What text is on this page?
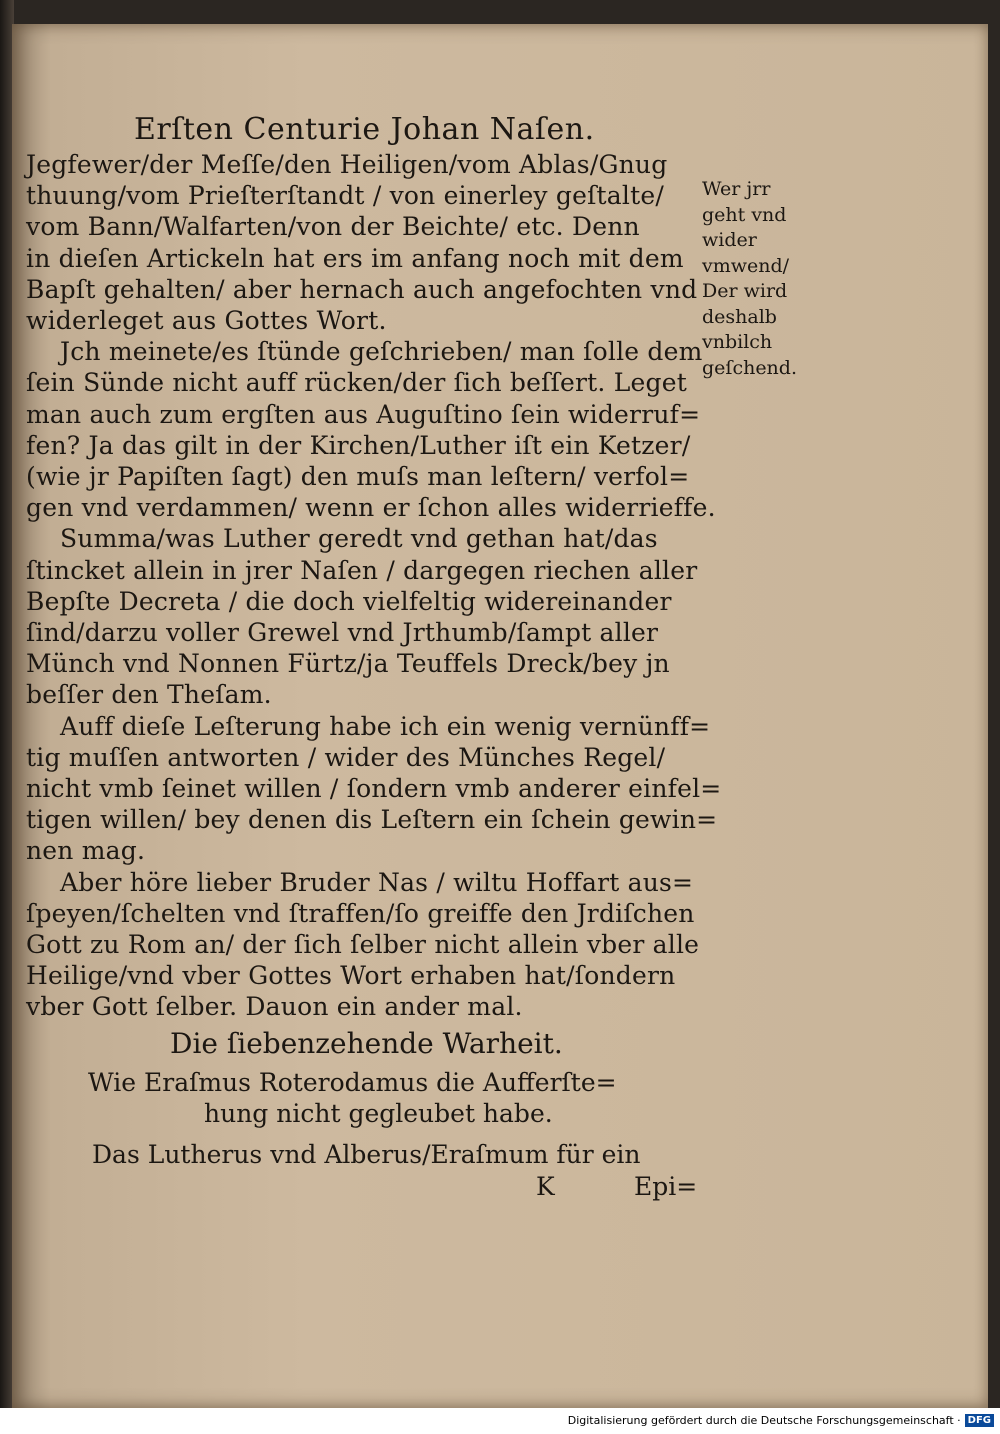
Erſten Centurie Johan Naſen.
Jegfewer/der Meſſe/den Heiligen/vom Ablas/Gnug
thuung/vom Prieſterſtandt / von einerley geſtalte/
vom Bann/Walfarten/von der Beichte/ etc. Denn
in dieſen Artickeln hat ers im anfang noch mit dem
Bapſt gehalten/ aber hernach auch angefochten vnd
widerleget aus Gottes Wort.
Jch meinete/es ſtünde geſchrieben/ man ſolle dem
ſein Sünde nicht auff rücken/der ſich beſſert. Leget
man auch zum ergſten aus Auguſtino ſein widerruf=
fen? Ja das gilt in der Kirchen/Luther iſt ein Ketzer/
(wie jr Papiſten ſagt) den muſs man leſtern/ verfol=
gen vnd verdammen/ wenn er ſchon alles widerrieffe.
Summa/was Luther geredt vnd gethan hat/das
ſtincket allein in jrer Naſen / dargegen riechen aller
Bepſte Decreta / die doch vielfeltig widereinander
ſind/darzu voller Grewel vnd Jrthumb/ſampt aller
Münch vnd Nonnen Fürtz/ja Teuffels Dreck/bey jn
beſſer den Theſam.
Auff dieſe Leſterung habe ich ein wenig vernünff=
tig muſſen antworten / wider des Münches Regel/
nicht vmb ſeinet willen / ſondern vmb anderer einfel=
tigen willen/ bey denen dis Leſtern ein ſchein gewin=
nen mag.
Aber höre lieber Bruder Nas / wiltu Hoffart aus=
ſpeyen/ſchelten vnd ſtraffen/ſo greiffe den Jrdiſchen
Gott zu Rom an/ der ſich ſelber nicht allein vber alle
Heilige/vnd vber Gottes Wort erhaben hat/ſondern
vber Gott ſelber. Dauon ein ander mal.
Wer jrr
geht vnd
wider
vmwend/
Der wird
deshalb
vnbilch
geſchend.
Die ſiebenzehende Warheit.
Wie Eraſmus Roterodamus die Aufferſte=
hung nicht gegleubet habe.
Das Lutherus vnd Alberus/Eraſmum für ein
K	Epi=
Digitalisierung gefördert durch die Deutsche Forschungsgemeinschaft · DFG
